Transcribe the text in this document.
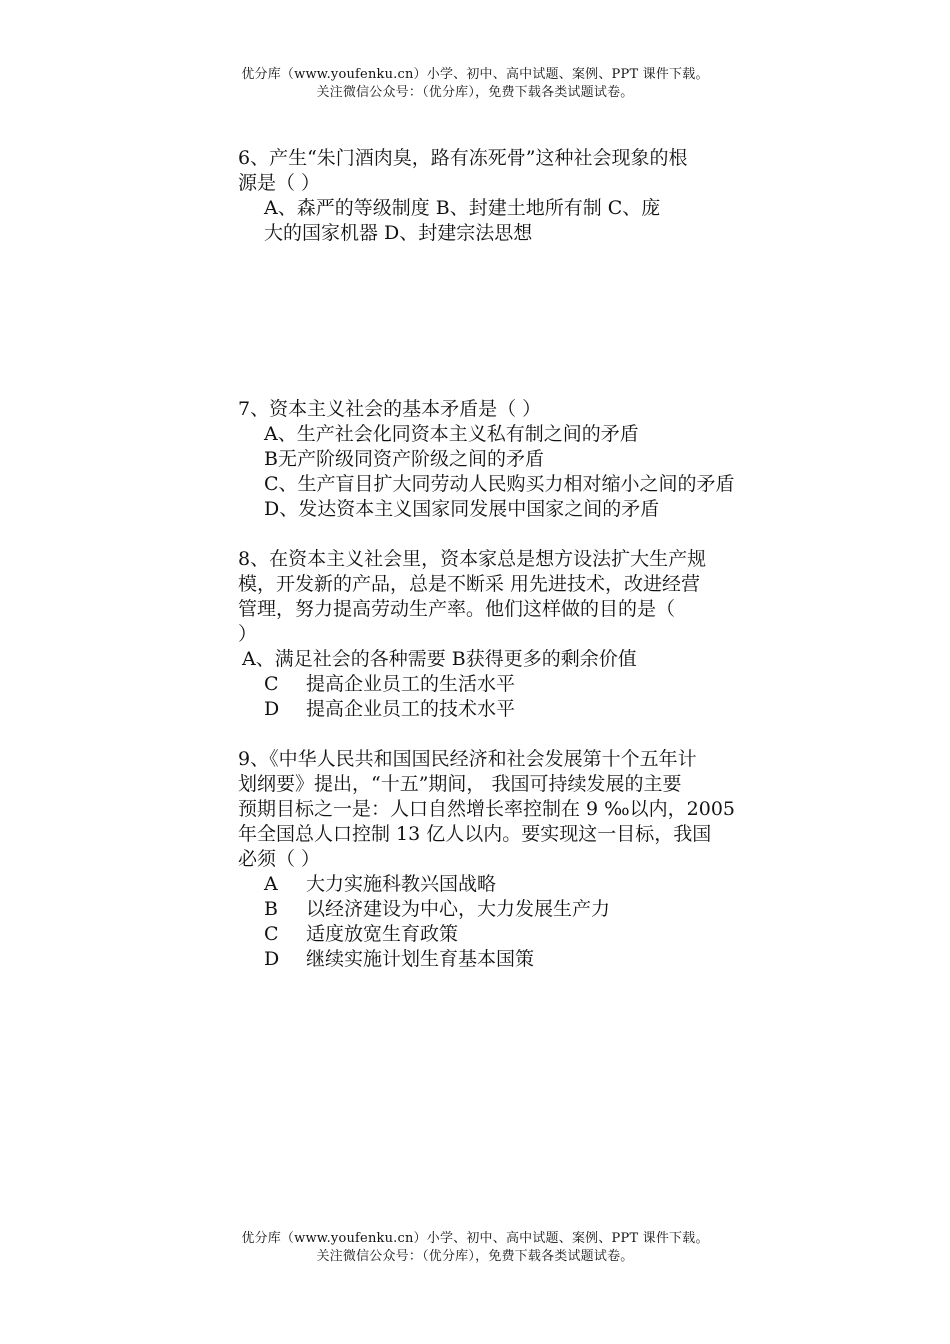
优分库（www.youfenku.cn）小学、初中、高中试题、案例、PPT 课件下载。
关注微信公众号：（优分库），免费下载各类试题试卷。

6、产生“朱门酒肉臭，路有冻死骨”这种社会现象的根

源是（ ）

A、森严的等级制度 B、封建土地所有制 C、庞

大的国家机器 D、封建宗法思想

7、资本主义社会的基本矛盾是（ ）

A、生产社会化同资本主义私有制之间的矛盾

B无产阶级同资产阶级之间的矛盾

C、生产盲目扩大同劳动人民购买力相对缩小之间的矛盾

D、发达资本主义国家同发展中国家之间的矛盾

8、在资本主义社会里，资本家总是想方设法扩大生产规

模，开发新的产品，总是不断采 用先进技术，改进经营

管理，努力提高劳动生产率。他们这样做的目的是（

）

A、满足社会的各种需要 B获得更多的剩余价值

C 提高企业员工的生活水平

D 提高企业员工的技术水平

9、《中华人民共和国国民经济和社会发展第十个五年计

划纲要》提出，“十五”期间， 我国可持续发展的主要

预期目标之一是：人口自然增长率控制在 9 ‰以内，2005

年全国总人口控制 13 亿人以内。要实现这一目标，我国

必须（ ）

A 大力实施科教兴国战略

B 以经济建设为中心，大力发展生产力

C 适度放宽生育政策

D 继续实施计划生育基本国策

优分库（www.youfenku.cn）小学、初中、高中试题、案例、PPT 课件下载。
关注微信公众号：（优分库），免费下载各类试题试卷。
